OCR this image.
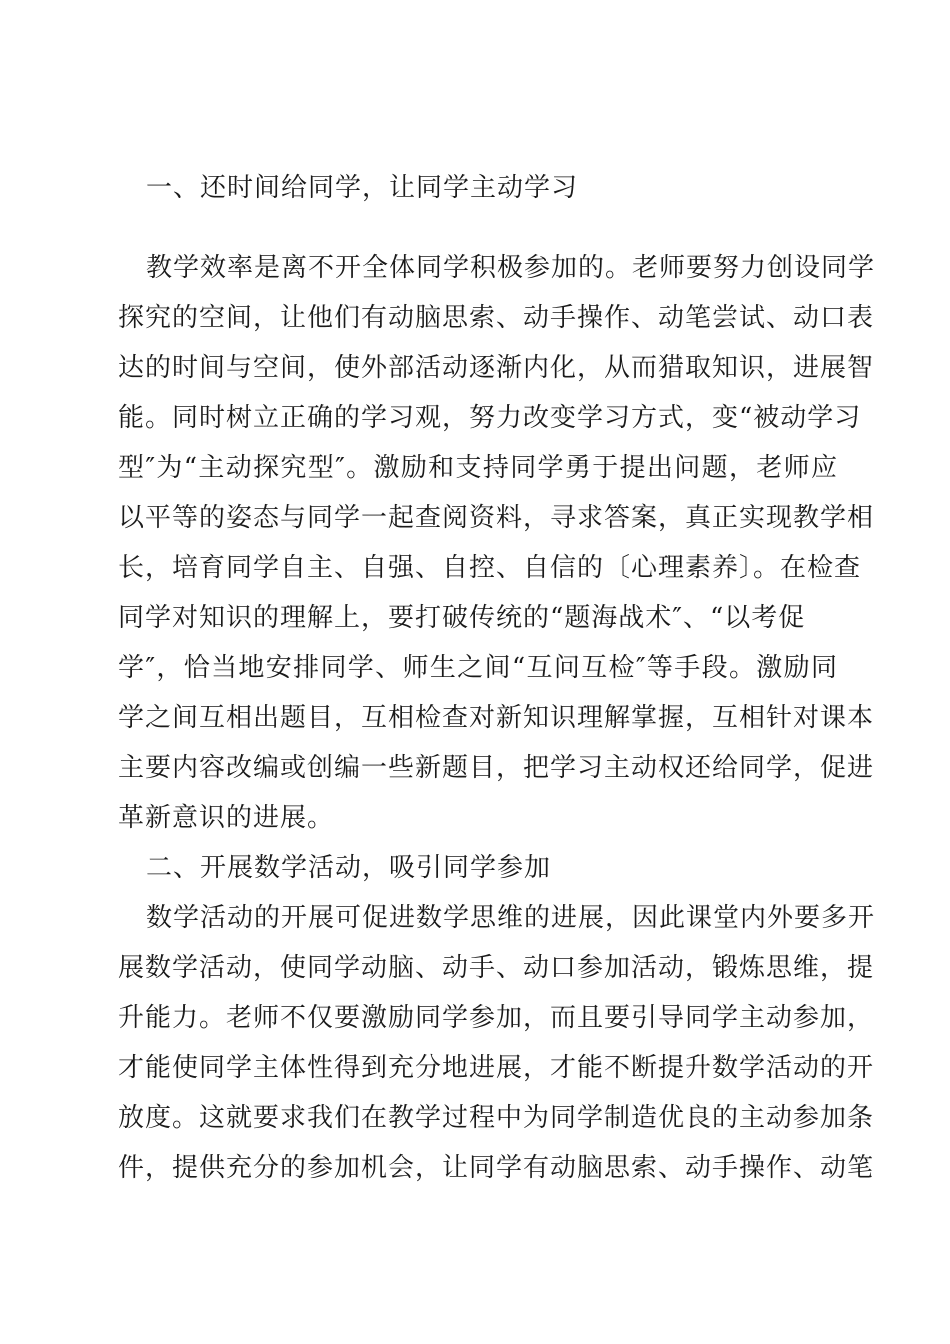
一、还时间给同学，让同学主动学习
教学效率是离不开全体同学积极参加的。老师要努力创设同学
探究的空间，让他们有动脑思索、动手操作、动笔尝试、动口表
达的时间与空间，使外部活动逐渐内化，从而猎取知识，进展智
能。同时树立正确的学习观，努力改变学习方式，变“被动学习
型″为“主动探究型″。激励和支持同学勇于提出问题，老师应
以平等的姿态与同学一起查阅资料，寻求答案，真正实现教学相
长，培育同学自主、自强、自控、自信的〔心理素养〕。在检查
同学对知识的理解上，要打破传统的“题海战术″、“以考促
学″，恰当地安排同学、师生之间“互问互检″等手段。激励同
学之间互相出题目，互相检查对新知识理解掌握，互相针对课本
主要内容改编或创编一些新题目，把学习主动权还给同学，促进
革新意识的进展。
二、开展数学活动，吸引同学参加
数学活动的开展可促进数学思维的进展，因此课堂内外要多开
展数学活动，使同学动脑、动手、动口参加活动，锻炼思维，提
升能力。老师不仅要激励同学参加，而且要引导同学主动参加，
才能使同学主体性得到充分地进展，才能不断提升数学活动的开
放度。这就要求我们在教学过程中为同学制造优良的主动参加条
件，提供充分的参加机会，让同学有动脑思索、动手操作、动笔
